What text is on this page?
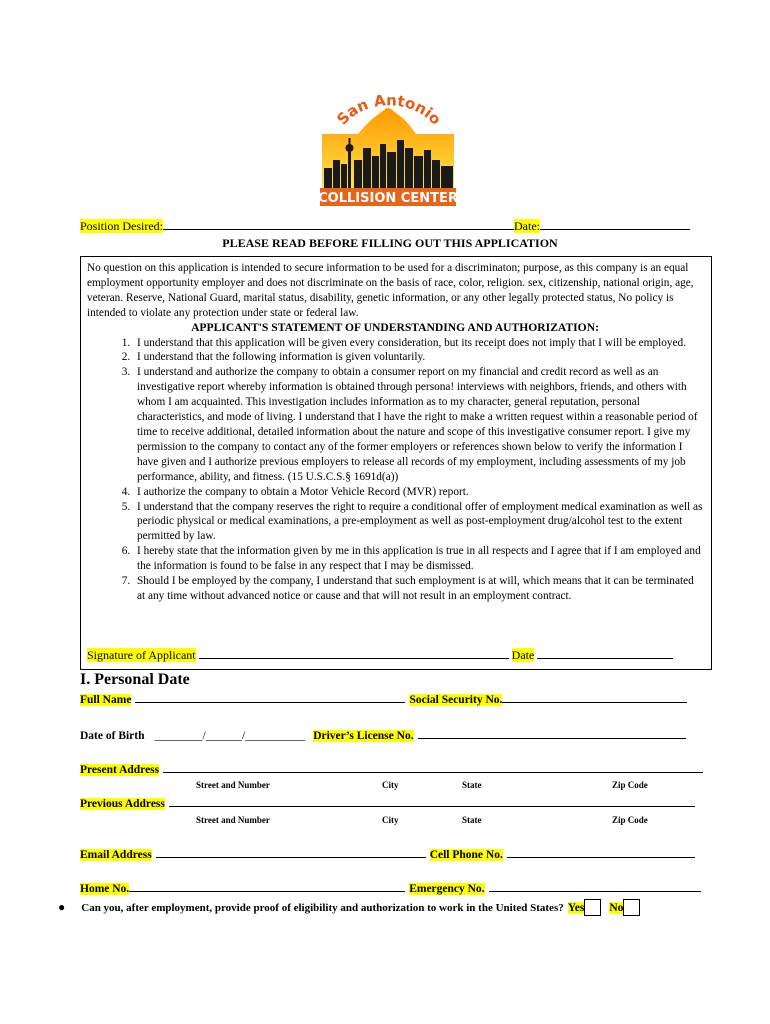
San Antonio
COLLISION CENTER
Position Desired:	Date:
PLEASE READ BEFORE FILLING OUT THIS APPLICATION
No question on this application is intended to secure information to be used for a discriminaton; purpose, as this company is an equal employment opportunity employer and does not discriminate on the basis of race, color, religion. sex, citizenship, national origin, age, veteran. Reserve, National Guard, marital status, disability, genetic information, or any other legally protected status, No policy is intended to violate any protection under state or federal law.
APPLICANT'S STATEMENT OF UNDERSTANDING AND AUTHORIZATION:
1. I understand that this application will be given every consideration, but its receipt does not imply that I will be employed.
2. I understand that the following information is given voluntarily.
3. I understand and authorize the company to obtain a consumer report on my financial and credit record as well as an investigative report whereby information is obtained through persona! interviews with neighbors, friends, and others with whom I am acquainted. This investigation includes information as to my character, general reputation, personal characteristics, and mode of living. I understand that I have the right to make a written request within a reasonable period of time to receive additional, detailed information about the nature and scope of this investigative consumer report. I give my permission to the company to contact any of the former employers or references shown below to verify the information I have given and I authorize previous employers to release all records of my employment, including assessments of my job performance, ability, and fitness. (15 U.S.C.S.§ 1691d(a))
4. I authorize the company to obtain a Motor Vehicle Record (MVR) report.
5. I understand that the company reserves the right to require a conditional offer of employment medical examination as well as periodic physical or medical examinations, a pre-employment as well as post-employment drug/alcohol test to the extent permitted by law.
6. I hereby state that the information given by me in this application is true in all respects and I agree that if I am employed and the information is found to be false in any respect that I may be dismissed.
7. Should I be employed by the company, I understand that such employment is at will, which means that it can be terminated at any time without advanced notice or cause and that will not result in an employment contract.
Signature of Applicant	Date
I. Personal Date
Full Name	Social Security No.
Date of Birth ________/______/__________ Driver’s License No.
Present Address
Street and Number	City	State	Zip Code
Previous Address
Street and Number	City	State	Zip Code
Email Address	Cell Phone No.
Home No.	Emergency No.
● Can you, after employment, provide proof of eligibility and authorization to work in the United States? Yes No
